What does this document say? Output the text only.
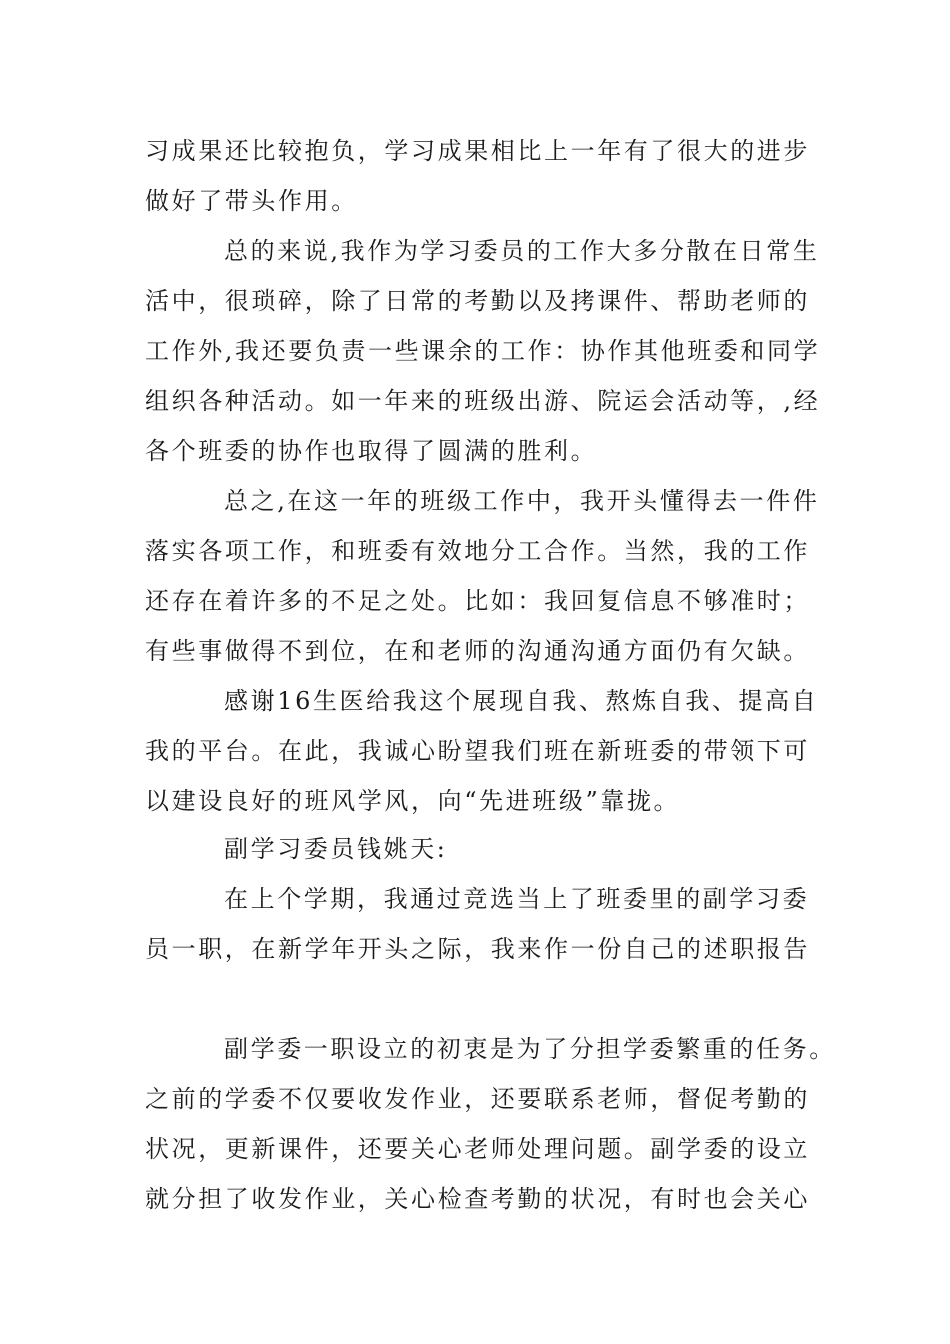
习成果还比较抱负，学习成果相比上一年有了很大的进步
做好了带头作用。
总的来说,我作为学习委员的工作大多分散在日常生
活中，很琐碎，除了日常的考勤以及拷课件、帮助老师的
工作外,我还要负责一些课余的工作：协作其他班委和同学
组织各种活动。如一年来的班级出游、院运会活动等，,经
各个班委的协作也取得了圆满的胜利。
总之,在这一年的班级工作中，我开头懂得去一件件
落实各项工作，和班委有效地分工合作。当然，我的工作
还存在着许多的不足之处。比如：我回复信息不够准时；
有些事做得不到位，在和老师的沟通沟通方面仍有欠缺。
感谢16生医给我这个展现自我、熬炼自我、提高自
我的平台。在此，我诚心盼望我们班在新班委的带领下可
以建设良好的班风学风，向“先进班级”靠拢。
副学习委员钱姚天:
在上个学期，我通过竞选当上了班委里的副学习委
员一职，在新学年开头之际，我来作一份自己的述职报告
副学委一职设立的初衷是为了分担学委繁重的任务。
之前的学委不仅要收发作业，还要联系老师，督促考勤的
状况，更新课件，还要关心老师处理问题。副学委的设立
就分担了收发作业，关心检查考勤的状况，有时也会关心
